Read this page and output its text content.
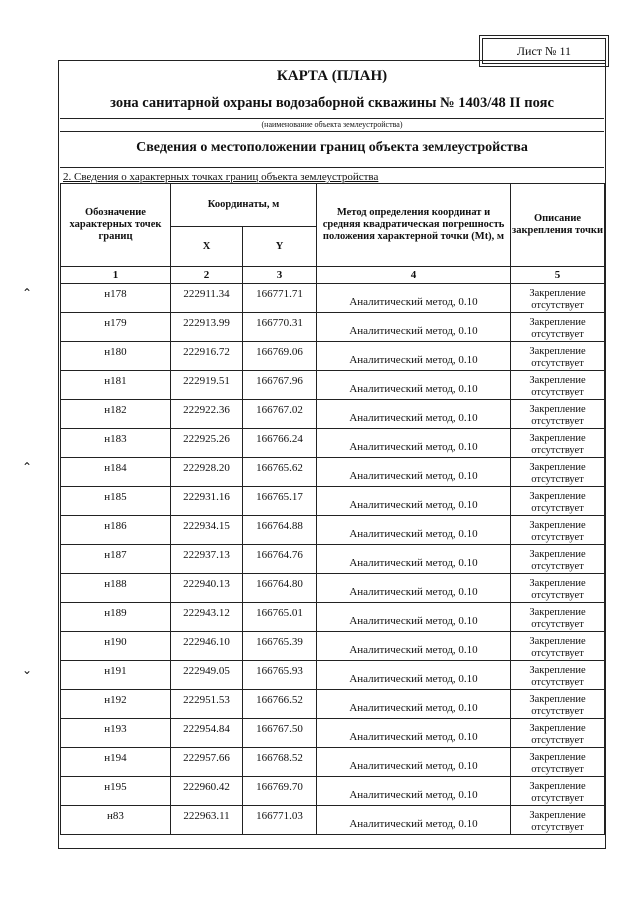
Лист № 11
КАРТА (ПЛАН)
зона санитарной охраны водозаборной скважины № 1403/48 II пояс
(наименование объекта землеустройства)
Сведения о местоположении границ объекта землеустройства
2. Сведения о характерных точках границ объекта землеустройства
Обозначение характерных точек границ	Координаты, м		Метод определения координат и средняя квадратическая погрешность положения характерной точки (Mt), м	Описание закрепления точки
	X	Y		
1	2	3	4	5
н178	222911.34	166771.71	Аналитический метод, 0.10	Закрепление отсутствует
н179	222913.99	166770.31	Аналитический метод, 0.10	Закрепление отсутствует
н180	222916.72	166769.06	Аналитический метод, 0.10	Закрепление отсутствует
н181	222919.51	166767.96	Аналитический метод, 0.10	Закрепление отсутствует
н182	222922.36	166767.02	Аналитический метод, 0.10	Закрепление отсутствует
н183	222925.26	166766.24	Аналитический метод, 0.10	Закрепление отсутствует
н184	222928.20	166765.62	Аналитический метод, 0.10	Закрепление отсутствует
н185	222931.16	166765.17	Аналитический метод, 0.10	Закрепление отсутствует
н186	222934.15	166764.88	Аналитический метод, 0.10	Закрепление отсутствует
н187	222937.13	166764.76	Аналитический метод, 0.10	Закрепление отсутствует
н188	222940.13	166764.80	Аналитический метод, 0.10	Закрепление отсутствует
н189	222943.12	166765.01	Аналитический метод, 0.10	Закрепление отсутствует
н190	222946.10	166765.39	Аналитический метод, 0.10	Закрепление отсутствует
н191	222949.05	166765.93	Аналитический метод, 0.10	Закрепление отсутствует
н192	222951.53	166766.52	Аналитический метод, 0.10	Закрепление отсутствует
н193	222954.84	166767.50	Аналитический метод, 0.10	Закрепление отсутствует
н194	222957.66	166768.52	Аналитический метод, 0.10	Закрепление отсутствует
н195	222960.42	166769.70	Аналитический метод, 0.10	Закрепление отсутствует
н83	222963.11	166771.03	Аналитический метод, 0.10	Закрепление отсутствует

⌃
⌃
⌄
